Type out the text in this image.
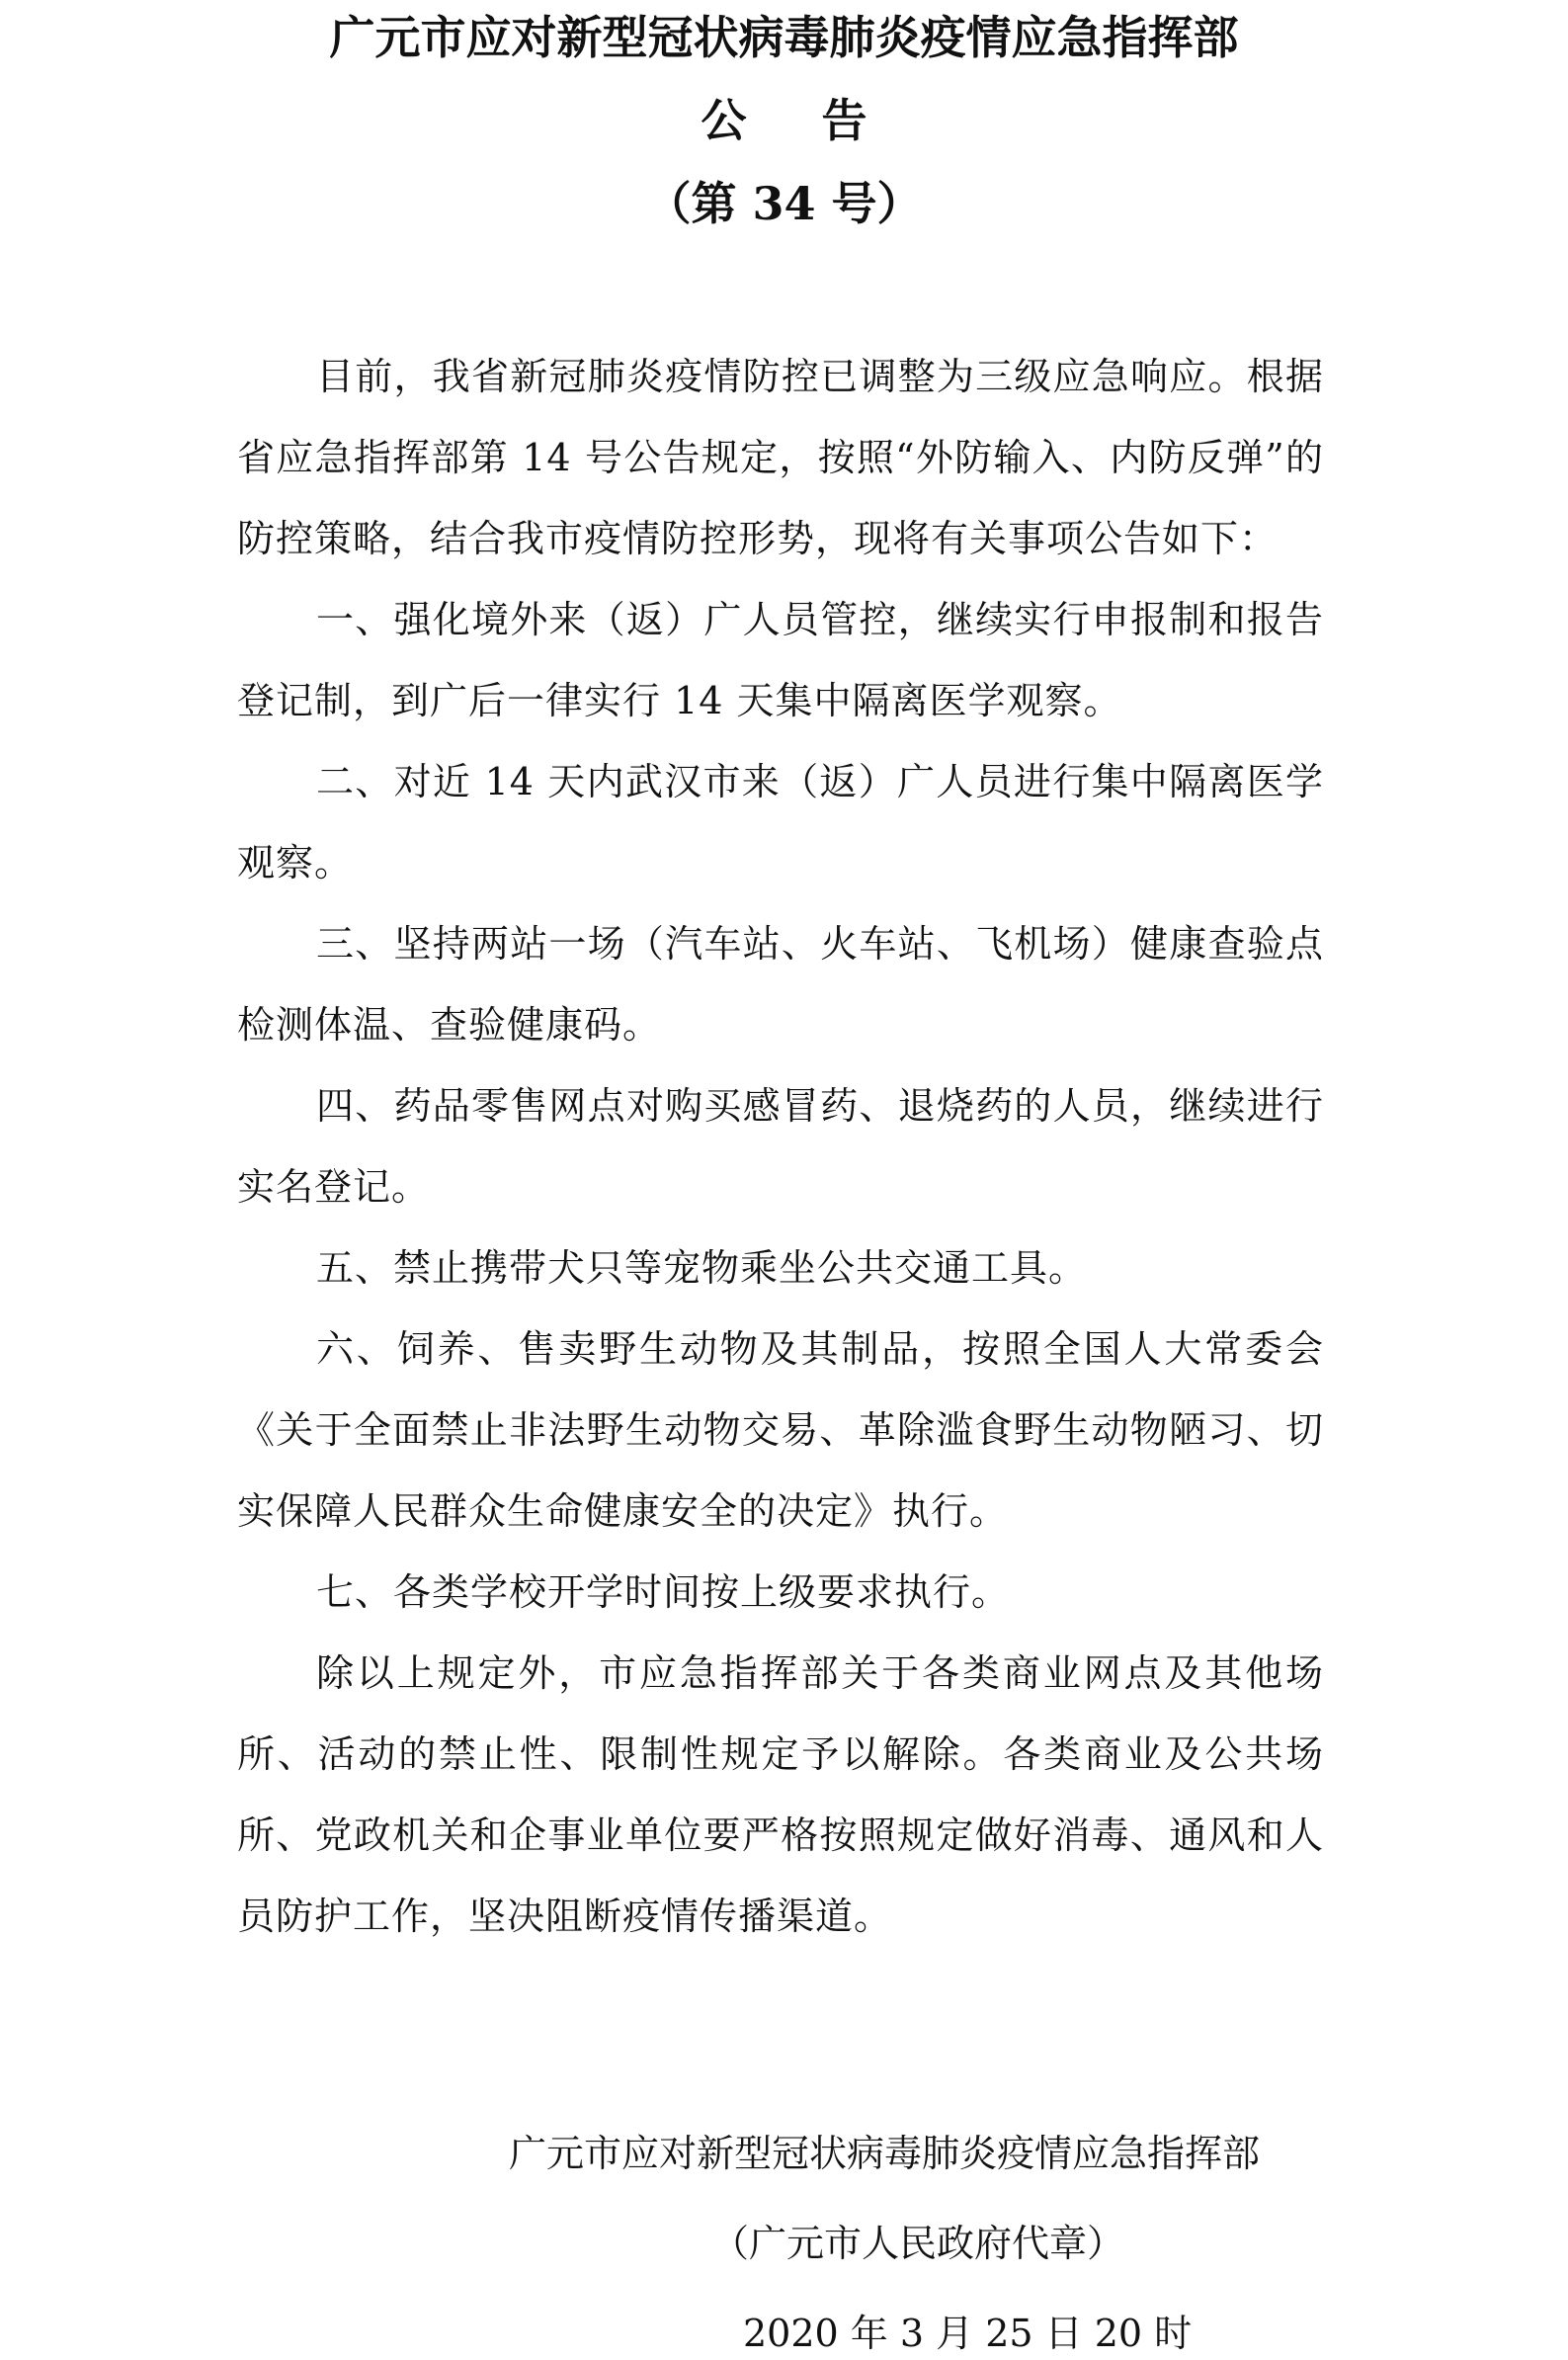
广元市应对新型冠状病毒肺炎疫情应急指挥部
公告
（第 34 号）

目前，我省新冠肺炎疫情防控已调整为三级应急响应。根据省应急指挥部第 14 号公告规定，按照“外防输入、内防反弹”的防控策略，结合我市疫情防控形势，现将有关事项公告如下：

一、强化境外来（返）广人员管控，继续实行申报制和报告登记制，到广后一律实行 14 天集中隔离医学观察。

二、对近 14 天内武汉市来（返）广人员进行集中隔离医学观察。

三、坚持两站一场（汽车站、火车站、飞机场）健康查验点检测体温、查验健康码。

四、药品零售网点对购买感冒药、退烧药的人员，继续进行实名登记。

五、禁止携带犬只等宠物乘坐公共交通工具。

六、饲养、售卖野生动物及其制品，按照全国人大常委会《关于全面禁止非法野生动物交易、革除滥食野生动物陋习、切实保障人民群众生命健康安全的决定》执行。

七、各类学校开学时间按上级要求执行。

除以上规定外，市应急指挥部关于各类商业网点及其他场所、活动的禁止性、限制性规定予以解除。各类商业及公共场所、党政机关和企事业单位要严格按照规定做好消毒、通风和人员防护工作，坚决阻断疫情传播渠道。

广元市应对新型冠状病毒肺炎疫情应急指挥部
（广元市人民政府代章）
2020 年 3 月 25 日 20 时
